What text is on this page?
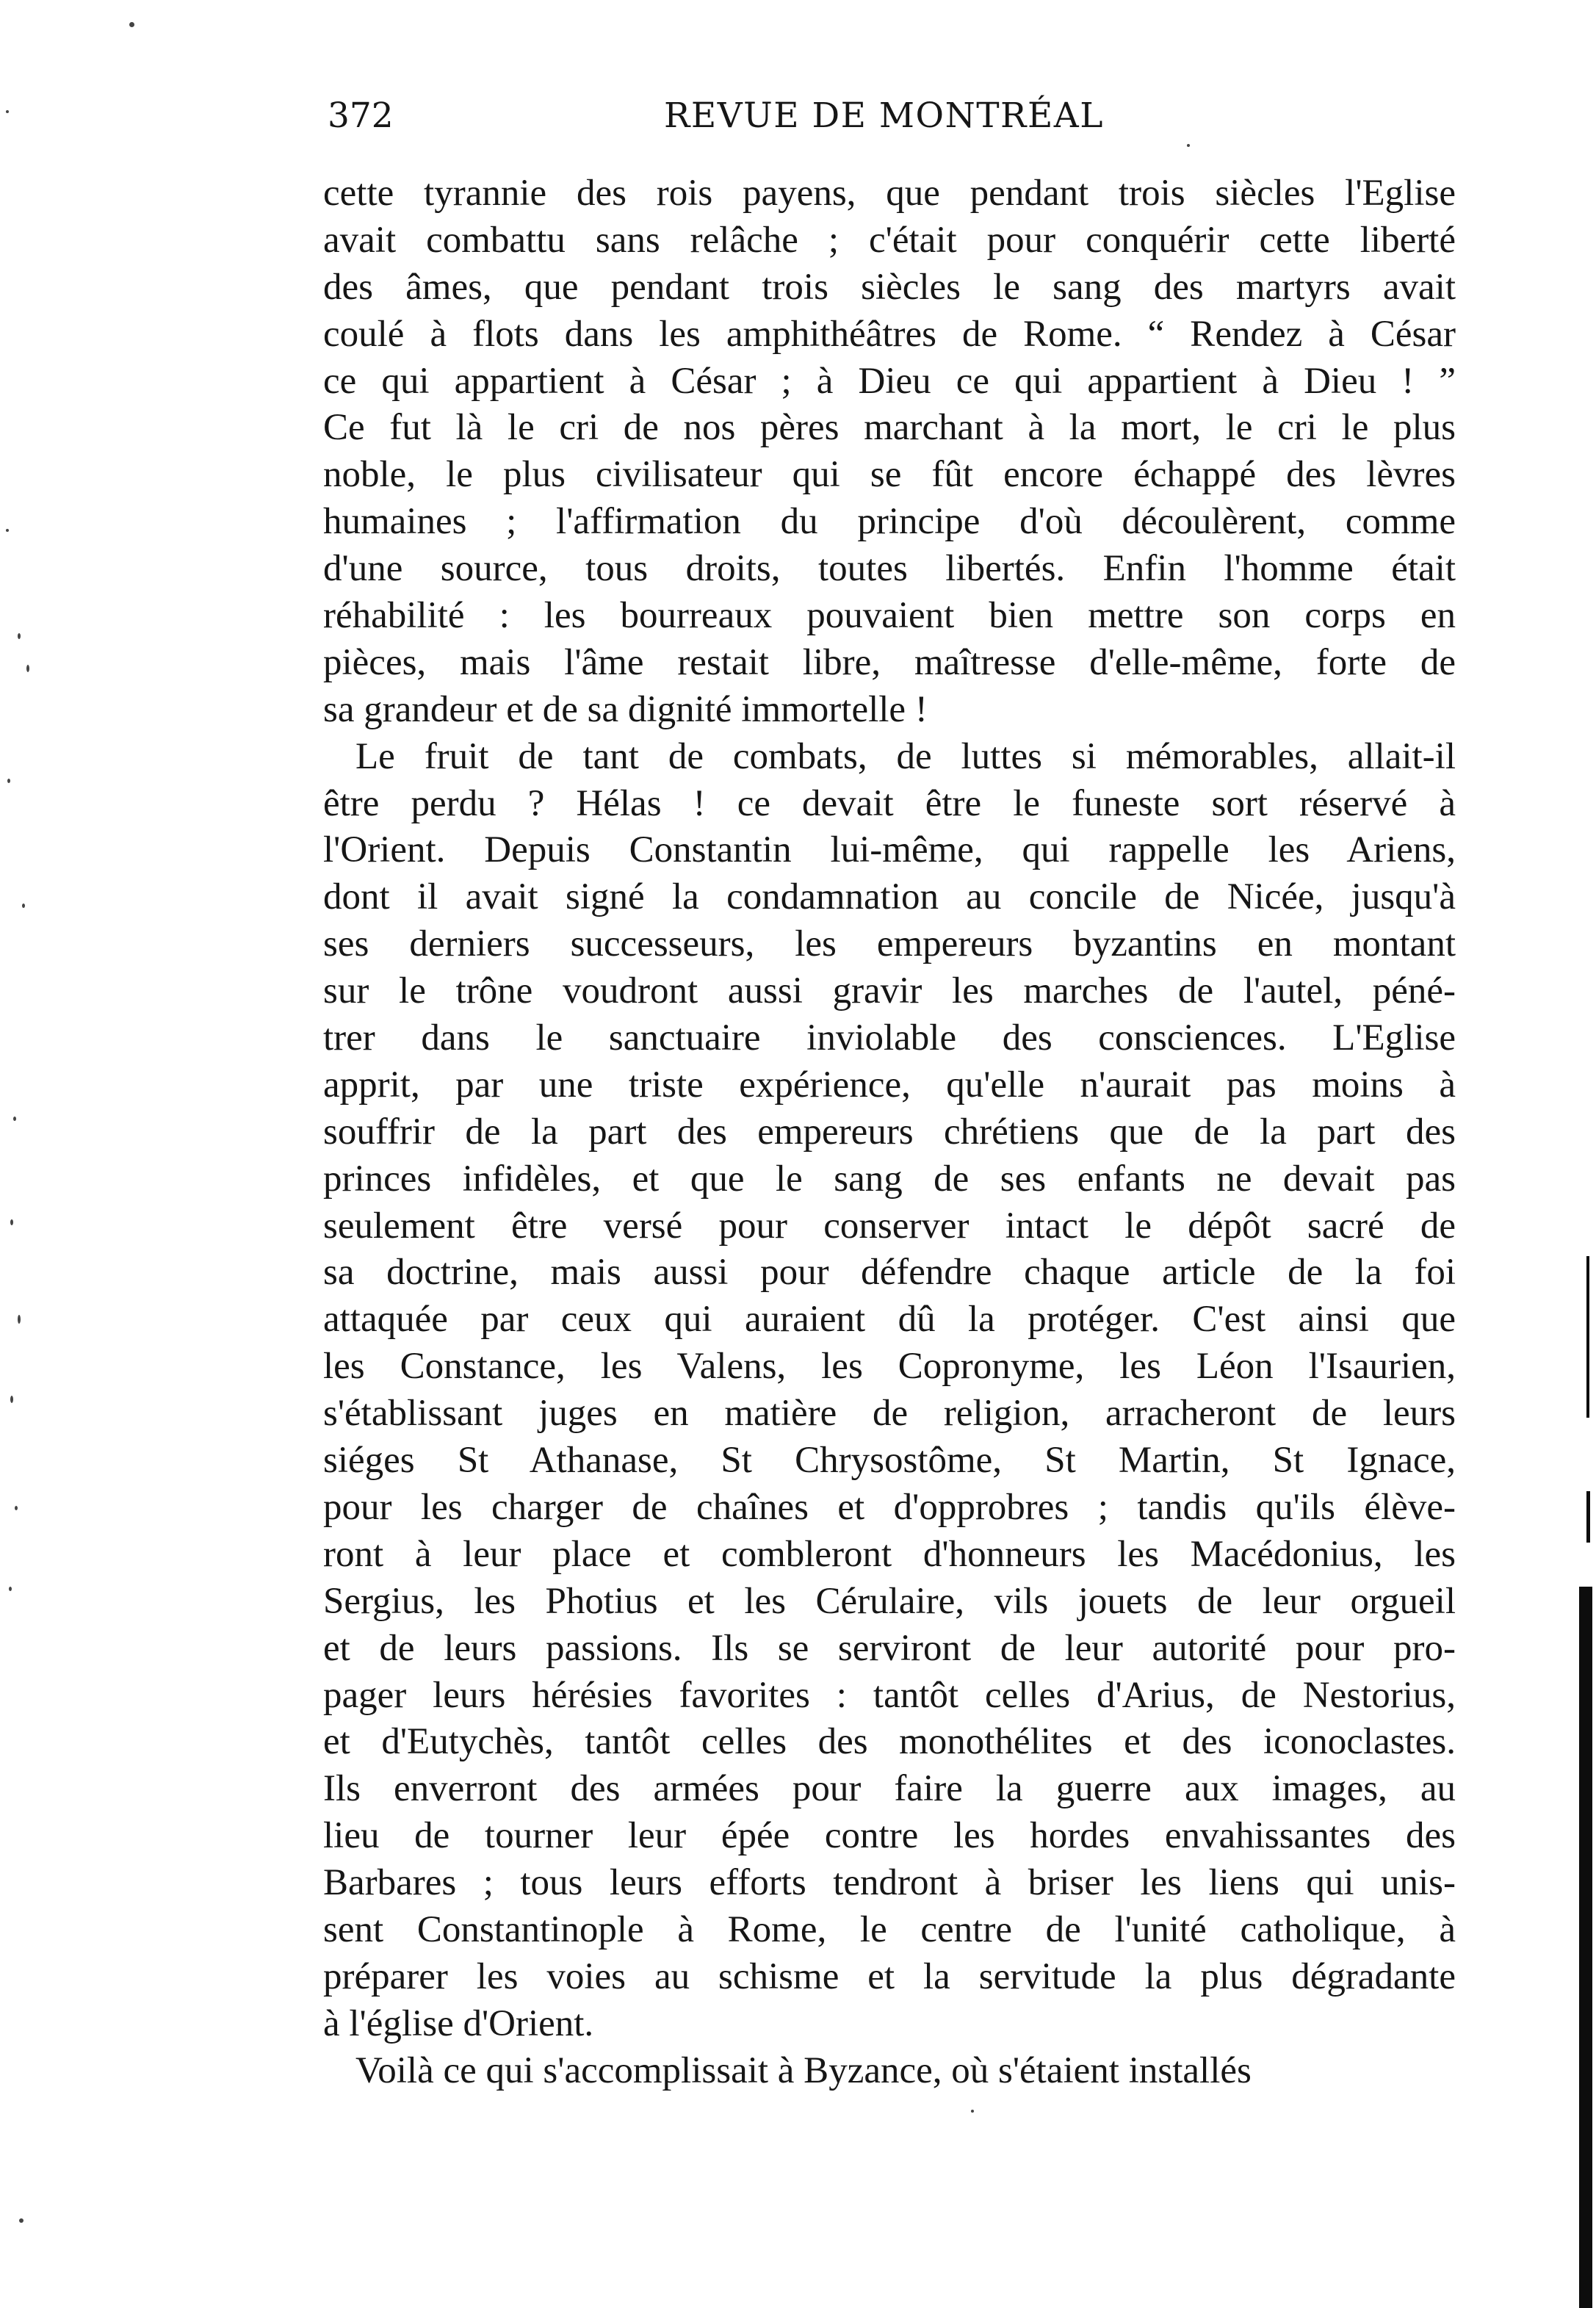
372	REVUE DE MONTRÉAL
cette tyrannie des rois payens, que pendant trois siècles l'Eglise
avait combattu sans relâche ; c'était pour conquérir cette liberté
des âmes, que pendant trois siècles le sang des martyrs avait
coulé à flots dans les amphithéâtres de Rome. “ Rendez à César
ce qui appartient à César ; à Dieu ce qui appartient à Dieu ! ”
Ce fut là le cri de nos pères marchant à la mort, le cri le plus
noble, le plus civilisateur qui se fût encore échappé des lèvres
humaines ; l'affirmation du principe d'où découlèrent, comme
d'une source, tous droits, toutes libertés. Enfin l'homme était
réhabilité : les bourreaux pouvaient bien mettre son corps en
pièces, mais l'âme restait libre, maîtresse d'elle-même, forte de
sa grandeur et de sa dignité immortelle !
Le fruit de tant de combats, de luttes si mémorables, allait-il
être perdu ? Hélas ! ce devait être le funeste sort réservé à
l'Orient. Depuis Constantin lui-même, qui rappelle les Ariens,
dont il avait signé la condamnation au concile de Nicée, jusqu'à
ses derniers successeurs, les empereurs byzantins en montant
sur le trône voudront aussi gravir les marches de l'autel, péné-
trer dans le sanctuaire inviolable des consciences. L'Eglise
apprit, par une triste expérience, qu'elle n'aurait pas moins à
souffrir de la part des empereurs chrétiens que de la part des
princes infidèles, et que le sang de ses enfants ne devait pas
seulement être versé pour conserver intact le dépôt sacré de
sa doctrine, mais aussi pour défendre chaque article de la foi
attaquée par ceux qui auraient dû la protéger. C'est ainsi que
les Constance, les Valens, les Copronyme, les Léon l'Isaurien,
s'établissant juges en matière de religion, arracheront de leurs
siéges St Athanase, St Chrysostôme, St Martin, St Ignace,
pour les charger de chaînes et d'opprobres ; tandis qu'ils élève-
ront à leur place et combleront d'honneurs les Macédonius, les
Sergius, les Photius et les Cérulaire, vils jouets de leur orgueil
et de leurs passions. Ils se serviront de leur autorité pour pro-
pager leurs hérésies favorites : tantôt celles d'Arius, de Nestorius,
et d'Eutychès, tantôt celles des monothélites et des iconoclastes.
Ils enverront des armées pour faire la guerre aux images, au
lieu de tourner leur épée contre les hordes envahissantes des
Barbares ; tous leurs efforts tendront à briser les liens qui unis-
sent Constantinople à Rome, le centre de l'unité catholique, à
préparer les voies au schisme et la servitude la plus dégradante
à l'église d'Orient.
Voilà ce qui s'accomplissait à Byzance, où s'étaient installés
